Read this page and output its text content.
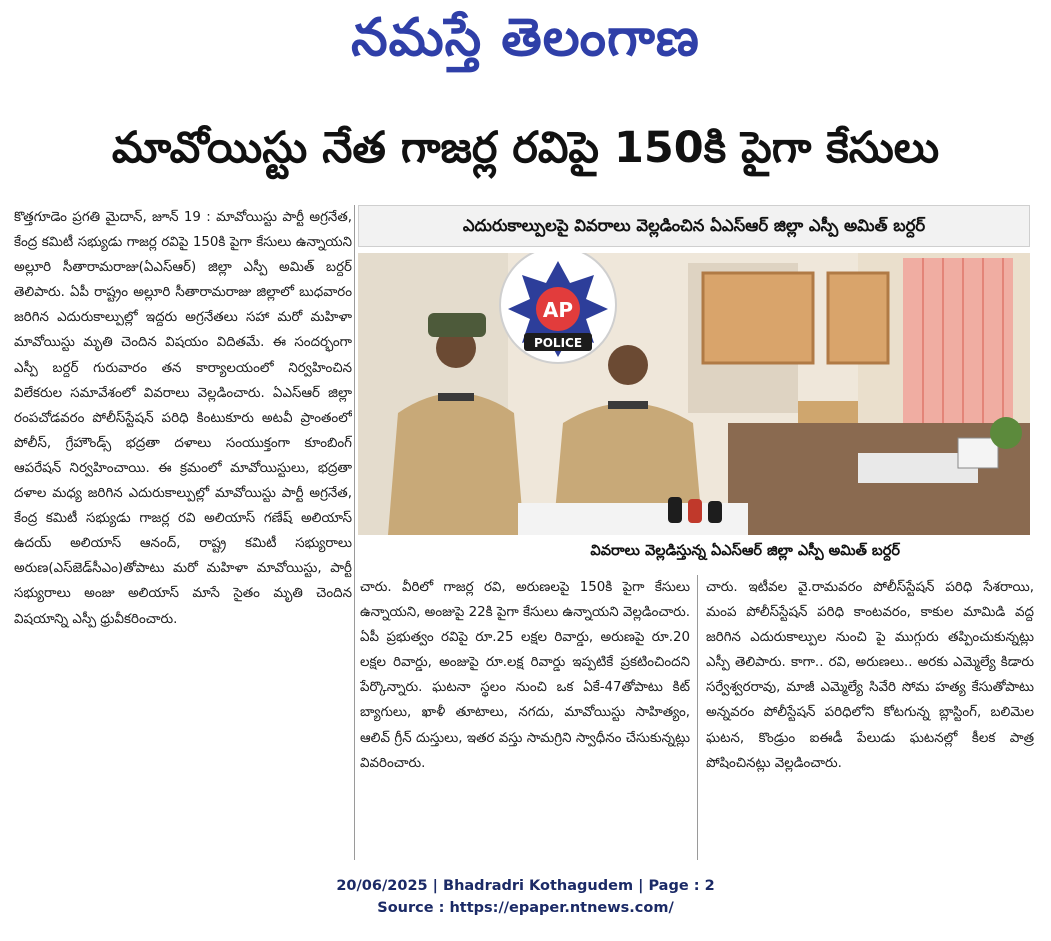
నమస్తే తెలంగాణ
మావోయిస్టు నేత గాజర్ల రవిపై 150కి పైగా కేసులు

కొత్తగూడెం ప్రగతి మైదాన్, జూన్ 19 : మావోయిస్టు పార్టీ అగ్రనేత, కేంద్ర కమిటీ సభ్యుడు గాజర్ల రవిపై 150కి పైగా కేసులు ఉన్నాయని అల్లూరి సీతారామరాజు(ఏఎస్ఆర్) జిల్లా ఎస్పీ అమిత్ బర్దర్ తెలిపారు. ఏపీ రాష్ట్రం అల్లూరి సీతారామరాజు జిల్లాలో బుధవారం జరిగిన ఎదురుకాల్పుల్లో ఇద్దరు అగ్రనేతలు సహా మరో మహిళా మావోయిస్టు మృతి చెందిన విషయం విదితమే. ఈ సందర్భంగా ఎస్పీ బర్దర్ గురువారం తన కార్యాలయంలో నిర్వహించిన విలేకరుల సమావేశంలో వివరాలు వెల్లడించారు. ఏఎస్ఆర్ జిల్లా రంపచోడవరం పోలీస్‌స్టేషన్ పరిధి కింటుకూరు అటవీ ప్రాంతంలో పోలీస్, గ్రేహౌండ్స్ భద్రతా దళాలు సంయుక్తంగా కూంబింగ్ ఆపరేషన్ నిర్వహించాయి. ఈ క్రమంలో మావోయిస్టులు, భద్రతా దళాల మధ్య జరిగిన ఎదురుకాల్పుల్లో మావోయిస్టు పార్టీ అగ్రనేత, కేంద్ర కమిటీ సభ్యుడు గాజర్ల రవి అలియాస్ గణేష్ అలియాస్ ఉదయ్ అలియాస్ ఆనంద్, రాష్ట్ర కమిటీ సభ్యురాలు అరుణ(ఎస్‌జెడ్‌సీఎం)తోపాటు మరో మహిళా మావోయిస్టు, పార్టీ సభ్యురాలు అంజు అలియాస్ మాసే సైతం మృతి చెందిన విషయాన్ని ఎస్పీ ధ్రువీకరించారు.

ఎదురుకాల్పులపై వివరాలు వెల్లడించిన ఏఎస్ఆర్ జిల్లా ఎస్పీ అమిత్ బర్దర్
AP
POLICE
వివరాలు వెల్లడిస్తున్న ఏఎస్ఆర్ జిల్లా ఎస్పీ అమిత్ బర్దర్

చారు. వీరిలో గాజర్ల రవి, అరుణలపై 150కి పైగా కేసులు ఉన్నాయని, అంజుపై 22కి పైగా కేసులు ఉన్నాయని వెల్లడించారు. ఏపీ ప్రభుత్వం రవిపై రూ.25 లక్షల రివార్డు, అరుణపై రూ.20 లక్షల రివార్డు, అంజుపై రూ.లక్ష రివార్డు ఇప్పటికే ప్రకటించిందని పేర్కొన్నారు. ఘటనా స్థలం నుంచి ఒక ఏకే-47తోపాటు కిట్ బ్యాగులు, ఖాళీ తూటాలు, నగదు, మావోయిస్టు సాహిత్యం, ఆలివ్ గ్రీన్ దుస్తులు, ఇతర వస్తు సామగ్రిని స్వాధీనం చేసుకున్నట్లు వివరించారు.

చారు. ఇటీవల వై.రామవరం పోలీస్‌స్టేషన్ పరిధి సేశరాయి, మంప పోలీస్‌స్టేషన్ పరిధి కాంటవరం, కాకుల మామిడి వద్ద జరిగిన ఎదురుకాల్పుల నుంచి పై ముగ్గురు తప్పించుకున్నట్లు ఎస్పీ తెలిపారు. కాగా.. రవి, అరుణలు.. అరకు ఎమ్మెల్యే కిడారు సర్వేశ్వరరావు, మాజీ ఎమ్మెల్యే సివేరి సోమ హత్య కేసుతోపాటు అన్నవరం పోలీస్టేషన్ పరిధిలోని కోటగున్న బ్లాస్టింగ్, బలిమెల ఘటన, కొండ్రుం ఐఈడీ పేలుడు ఘటనల్లో కీలక పాత్ర పోషించినట్లు వెల్లడించారు.

20/06/2025 | Bhadradri Kothagudem | Page : 2
Source : https://epaper.ntnews.com/
